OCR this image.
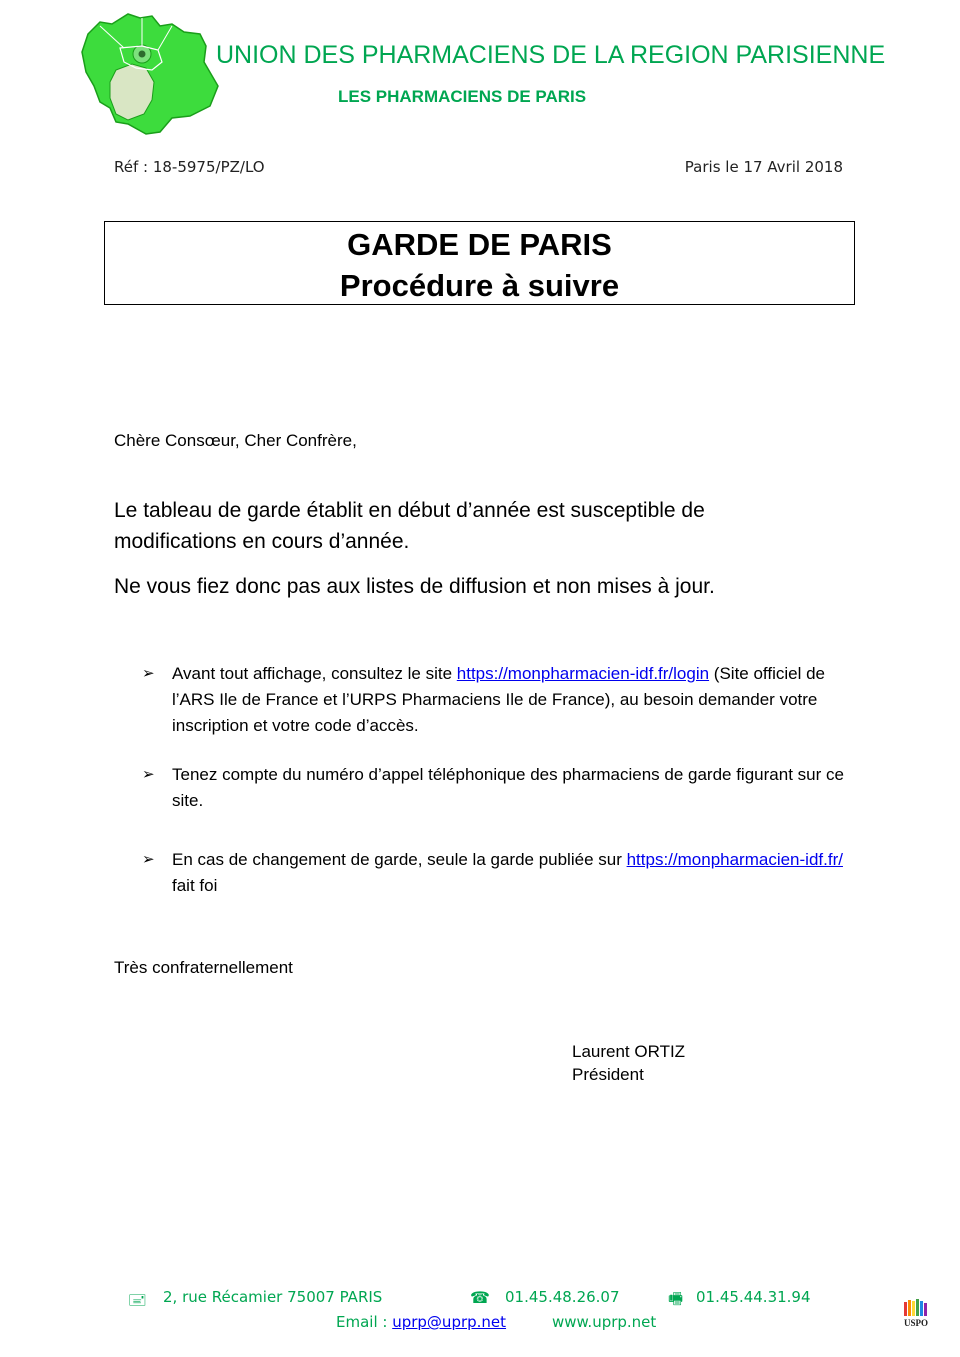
UNION DES PHARMACIENS DE LA REGION PARISIENNE
LES PHARMACIENS DE PARIS
Réf : 18-5975/PZ/LO	Paris le 17 Avril 2018
GARDE DE PARIS
Procédure à suivre
Chère Consœur, Cher Confrère,
Le tableau de garde établit en début d’année est susceptible de modifications en cours d’année.
Ne vous fiez donc pas aux listes de diffusion et non mises à jour.
➢ Avant tout affichage, consultez le site https://monpharmacien-idf.fr/login (Site officiel de l’ARS Ile de France et l’URPS Pharmaciens Ile de France), au besoin demander votre inscription et votre code d’accès.
➢ Tenez compte du numéro d’appel téléphonique des pharmaciens de garde figurant sur ce site.
➢ En cas de changement de garde, seule la garde publiée sur https://monpharmacien-idf.fr/ fait foi
Très confraternellement
Laurent ORTIZ
Président
🖃 2, rue Récamier 75007 PARIS	☎ 01.45.48.26.07	🖷 01.45.44.31.94
Email : uprp@uprp.net	www.uprp.net	USPO
